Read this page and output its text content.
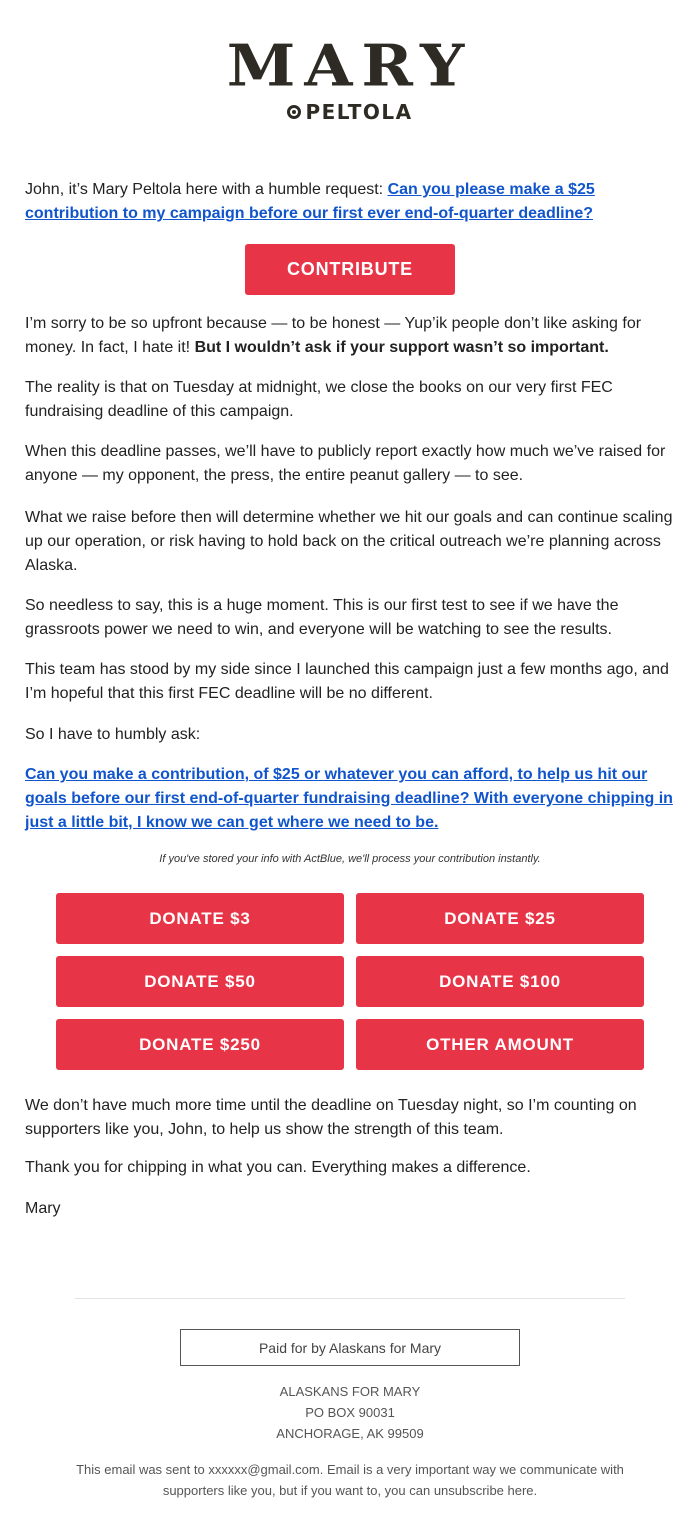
MARY
PELTOLA

John, it’s Mary Peltola here with a humble request: Can you please make a $25 contribution to my campaign before our first ever end-of-quarter deadline?

CONTRIBUTE

I’m sorry to be so upfront because — to be honest — Yup’ik people don’t like asking for money. In fact, I hate it! But I wouldn’t ask if your support wasn’t so important.

The reality is that on Tuesday at midnight, we close the books on our very first FEC fundraising deadline of this campaign.
When this deadline passes, we’ll have to publicly report exactly how much we’ve raised for anyone — my opponent, the press, the entire peanut gallery — to see.
What we raise before then will determine whether we hit our goals and can continue scaling up our operation, or risk having to hold back on the critical outreach we’re planning across Alaska.
So needless to say, this is a huge moment. This is our first test to see if we have the grassroots power we need to win, and everyone will be watching to see the results.
This team has stood by my side since I launched this campaign just a few months ago, and I’m hopeful that this first FEC deadline will be no different.
So I have to humbly ask:
Can you make a contribution, of $25 or whatever you can afford, to help us hit our goals before our first end-of-quarter fundraising deadline? With everyone chipping in just a little bit, I know we can get where we need to be.
If you've stored your info with ActBlue, we'll process your contribution instantly.
DONATE $3	DONATE $25
DONATE $50	DONATE $100
DONATE $250	OTHER AMOUNT
We don’t have much more time until the deadline on Tuesday night, so I’m counting on supporters like you, John, to help us show the strength of this team.
Thank you for chipping in what you can. Everything makes a difference.
Mary
Paid for by Alaskans for Mary
ALASKANS FOR MARY
PO BOX 90031
ANCHORAGE, AK 99509
This email was sent to xxxxxx@gmail.com. Email is a very important way we communicate with supporters like you, but if you want to, you can unsubscribe here.
